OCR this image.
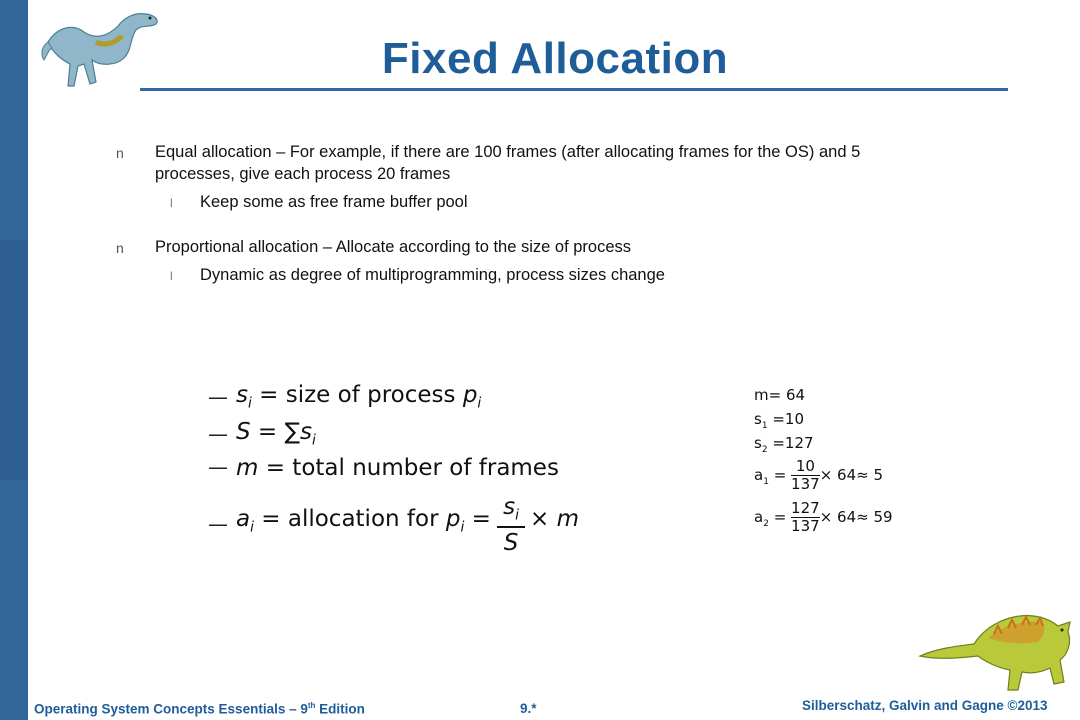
Fixed Allocation
n Equal allocation – For example, if there are 100 frames (after allocating frames for the OS) and 5
processes, give each process 20 frames
l Keep some as free frame buffer pool
n Proportional allocation – Allocate according to the size of process
l Dynamic as degree of multiprogramming, process sizes change
— $s_i$ = size of process $p_i$
— $S = \sum s_i$
— m = total number of frames
— $a_i$ = allocation for $p_i = s_i$
S
× m
m= 64
$s_1 =10$
$s_2 =127$
$a_1 = \frac{10}{137} \times 64\approx 5$
$a_2 = \frac{127}{137} \times 64\approx 59$
Operating System Concepts Essentials – 9th Edition	9.*	Silberschatz, Galvin and Gagne ©2013
